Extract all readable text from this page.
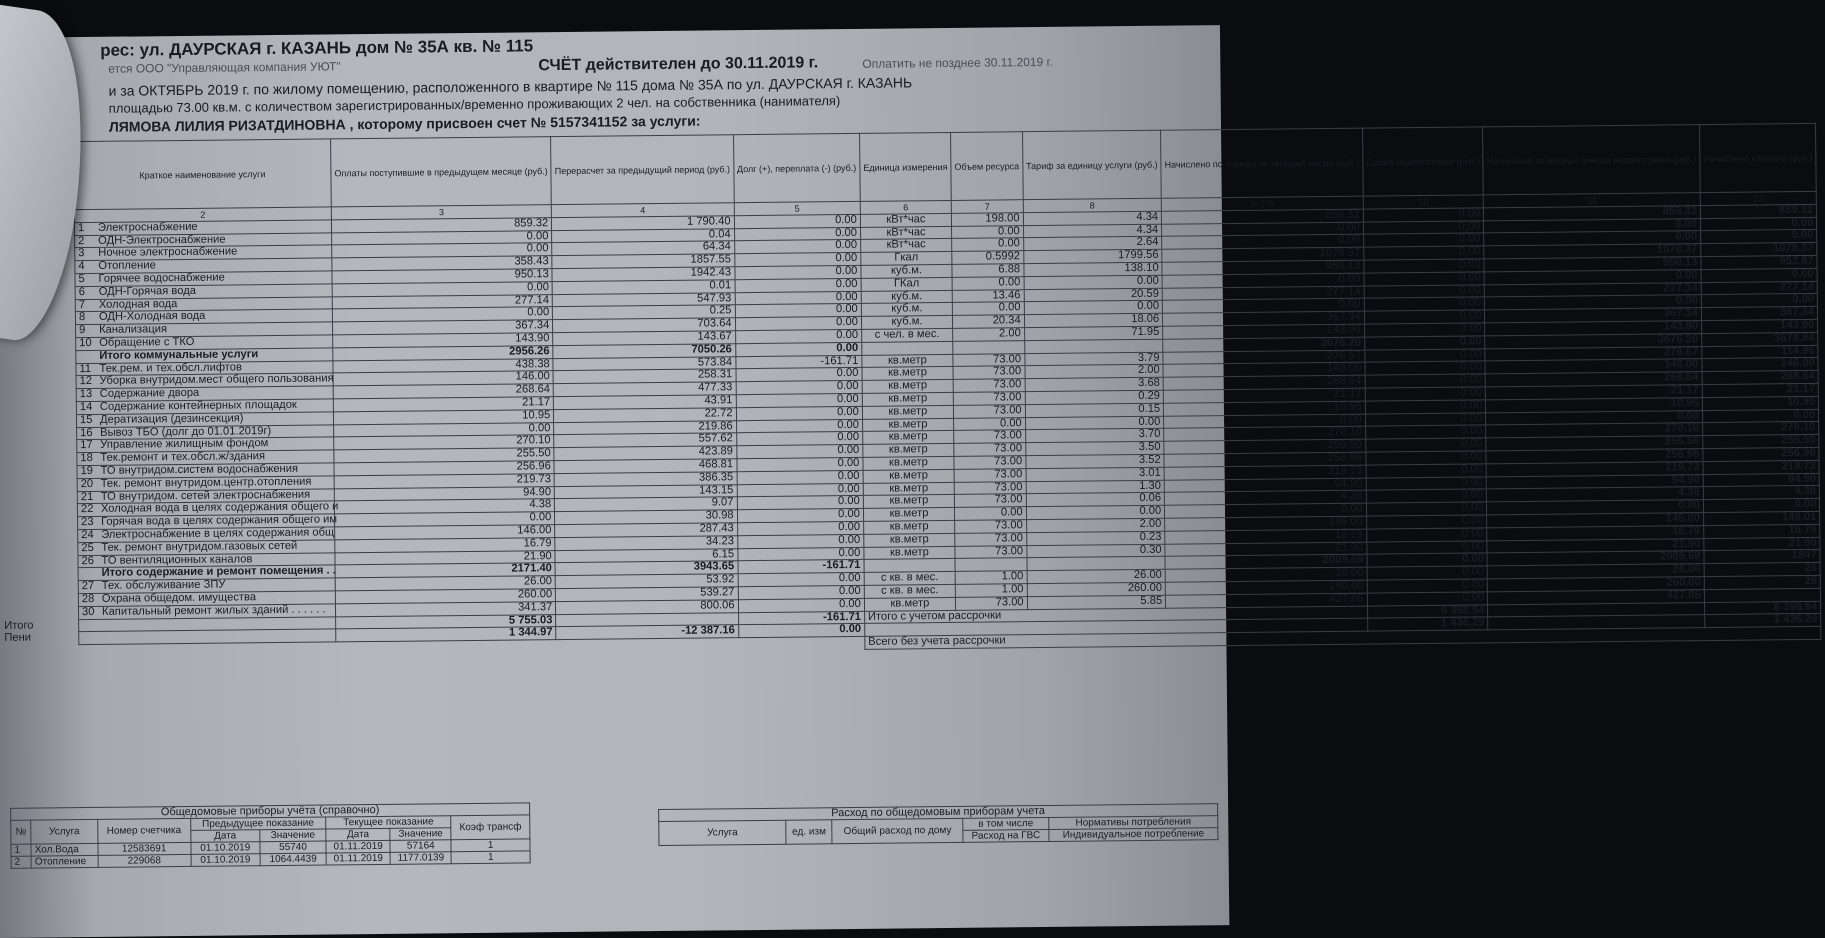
рес: ул. ДАУРСКАЯ г. КАЗАНЬ дом № 35А кв. № 115
ется ООО "Управляющая компания УЮТ"	СЧЁТ действителен до 30.11.2019 г.	Оплатить не позднее 30.11.2019 г.
и за ОКТЯБРЬ 2019 г. по жилому помещению, расположенного в квартире № 115 дома № 35А по ул. ДАУРСКАЯ г. КАЗАНЬ
площадью 73.00 кв.м. с количеством зарегистрированных/временно проживающих 2 чел. на собственника (нанимателя)
ЛЯМОВА ЛИЛИЯ РИЗАТДИНОВНА , которому присвоен счет № 5157341152 за услуги:
Краткое наименование услуги	Оплаты поступившие в предыдущем месяце (руб.)	Перерасчет за предыдущий период (руб.)	Долг (+), переплата (-) (руб.)	Единица измерения	Объем ресурса	Тариф за единицу услуги (руб.)	Начислено по тарифу за текущий месяц (руб.)	Сумма недопоставки (руб.)	Начислено за месяц с учетом недопоставки (руб.)	Начислено к оплате (руб.)
2	3	4	5	6	7	8	9=7*8	10	11	12
1 Электроснабжение	859.32	1 790.40	0.00	кВт*час	198.00	4.34	859.32	0.00	859.32	859.32
2 ОДН-Электроснабжение	0.00	0.04	0.00	кВт*час	0.00	4.34	0.00	0.00	0.00	0.00
3 Ночное электроснабжение	0.00	64.34	0.00	кВт*час	0.00	2.64	0.00	0.00	0.00	0.00
4 Отопление	358.43	1857.55	0.00	Гкал	0.5992	1799.56	1078.37	0.00	1078.37	1078.37
5 Горячее водоснабжение	950.13	1942.43	0.00	куб.м.	6.88	138.10	950.13	0.00	950.13	952.87
6 ОДН-Горячая вода	0.00	0.01	0.00	ГКал	0.00	0.00	0.00	0.00	0.00	0.00
7 Холодная вода	277.14	547.93	0.00	куб.м.	13.46	20.59	277.14	0.00	277.14	277.14
8 ОДН-Холодная вода	0.00	0.25	0.00	куб.м.	0.00	0.00	0.00	0.00	0.00	0.00
9 Канализация	367.34	703.64	0.00	куб.м.	20.34	18.06	367.34	0.00	367.34	367.34
10 Обращение с ТКО	143.90	143.67	0.00	с чел. в мес.	2.00	71.95	143.90	0.00	143.90	143.90
Итого коммунальные услуги	2956.26	7050.26	0.00				3676.20	0.00	3676.20	3678.94
11 Тек.рем. и тех.обсл.лифтов	438.38	573.84	-161.71	кв.метр	73.00	3.79	276.67	0.00	276.67	114.96
12 Уборка внутридом.мест общего пользования	146.00	258.31	0.00	кв.метр	73.00	2.00	146.00	0.00	146.00	146.00
13 Содержание двора	268.64	477.33	0.00	кв.метр	73.00	3.68	268.64	0.00	268.64	268.64
14 Содержание контейнерных площадок	21.17	43.91	0.00	кв.метр	73.00	0.29	21.17	0.00	21.17	21.17
15 Дератизация (дезинсекция)	10.95	22.72	0.00	кв.метр	73.00	0.15	10.95	0.00	10.95	10.95
16 Вывоз ТБО (долг до 01.01.2019г)	0.00	219.86	0.00	кв.метр	0.00	0.00	0.00	0.00	0.00	0.00
17 Управление жилищным фондом	270.10	557.62	0.00	кв.метр	73.00	3.70	270.10	0.00	270.10	270.10
18 Тек.ремонт и тех.обсл.ж/здания	255.50	423.89	0.00	кв.метр	73.00	3.50	255.50	0.00	255.50	255.50
19 ТО внутридом.систем водоснабжения	256.96	468.81	0.00	кв.метр	73.00	3.52	256.96	0.00	256.96	256.96
20 Тек. ремонт внутридом.центр.отопления	219.73	386.35	0.00	кв.метр	73.00	3.01	219.73	0.00	219.73	219.73
21 ТО внутридом. сетей электроснабжения	94.90	143.15	0.00	кв.метр	73.00	1.30	94.90	0.00	94.90	94.90
22 Холодная вода в целях содержания общего и	4.38	9.07	0.00	кв.метр	73.00	0.06	4.38	0.00	4.38	4.38
23 Горячая вода в целях содержания общего им	0.00	30.98	0.00	кв.метр	0.00	0.00	0.00	0.00	0.00	0.00
24 Электроснабжение в целях содержания общ	146.00	287.43	0.00	кв.метр	73.00	2.00	146.00	0.00	146.00	146.01
25 Тек. ремонт внутридом.газовых сетей	16.79	34.23	0.00	кв.метр	73.00	0.23	16.79	0.00	16.79	16.79
26 ТО вентиляционных каналов	21.90	6.15	0.00	кв.метр	73.00	0.30	21.90	0.00	21.90	21.90
Итого содержание и ремонт помещения . .	2171.40	3943.65	-161.71				2009.69	0.00	2009.69	1847
27 Тех. обслуживание ЗПУ	26.00	53.92	0.00	с кв. в мес.	1.00	26.00	26.00	0.00	26.00	26
28 Охрана общедом. имущества	260.00	539.27	0.00	с кв. в мес.	1.00	260.00	260.00	0.00	260.00	26
30 Капитальный ремонт жилых зданий . . . . . .	341.37	800.06	0.00	кв.метр	73.00	5.85	427.05	0.00	427.05	
Итого	5 755.03		-161.71	Итого с учетом рассрочки				6 398.94		6 398.94
Пени	1 344.97	-12 387.16	0.00					1 436.29		1 436.29
				Всего без учета рассрочки						
Общедомовые приборы учёта (справочно)							
№	Услуга	Номер счетчика	Предыдущее показание		Текущее показание		Коэф трансф
			Дата	Значение	Дата	Значение	
1	Хол.Вода	12583691	01.10.2019	55740	01.11.2019	57164	1
2	Отопление	229068	01.10.2019	1064.4439	01.11.2019	1177.0139	1
Расход по общедомовым приборам учета				
Услуга	ед. изм	Общий расход по дому	в том числе	Нормативы потребления
			Расход на ГВС	Индивидуальное потребление
